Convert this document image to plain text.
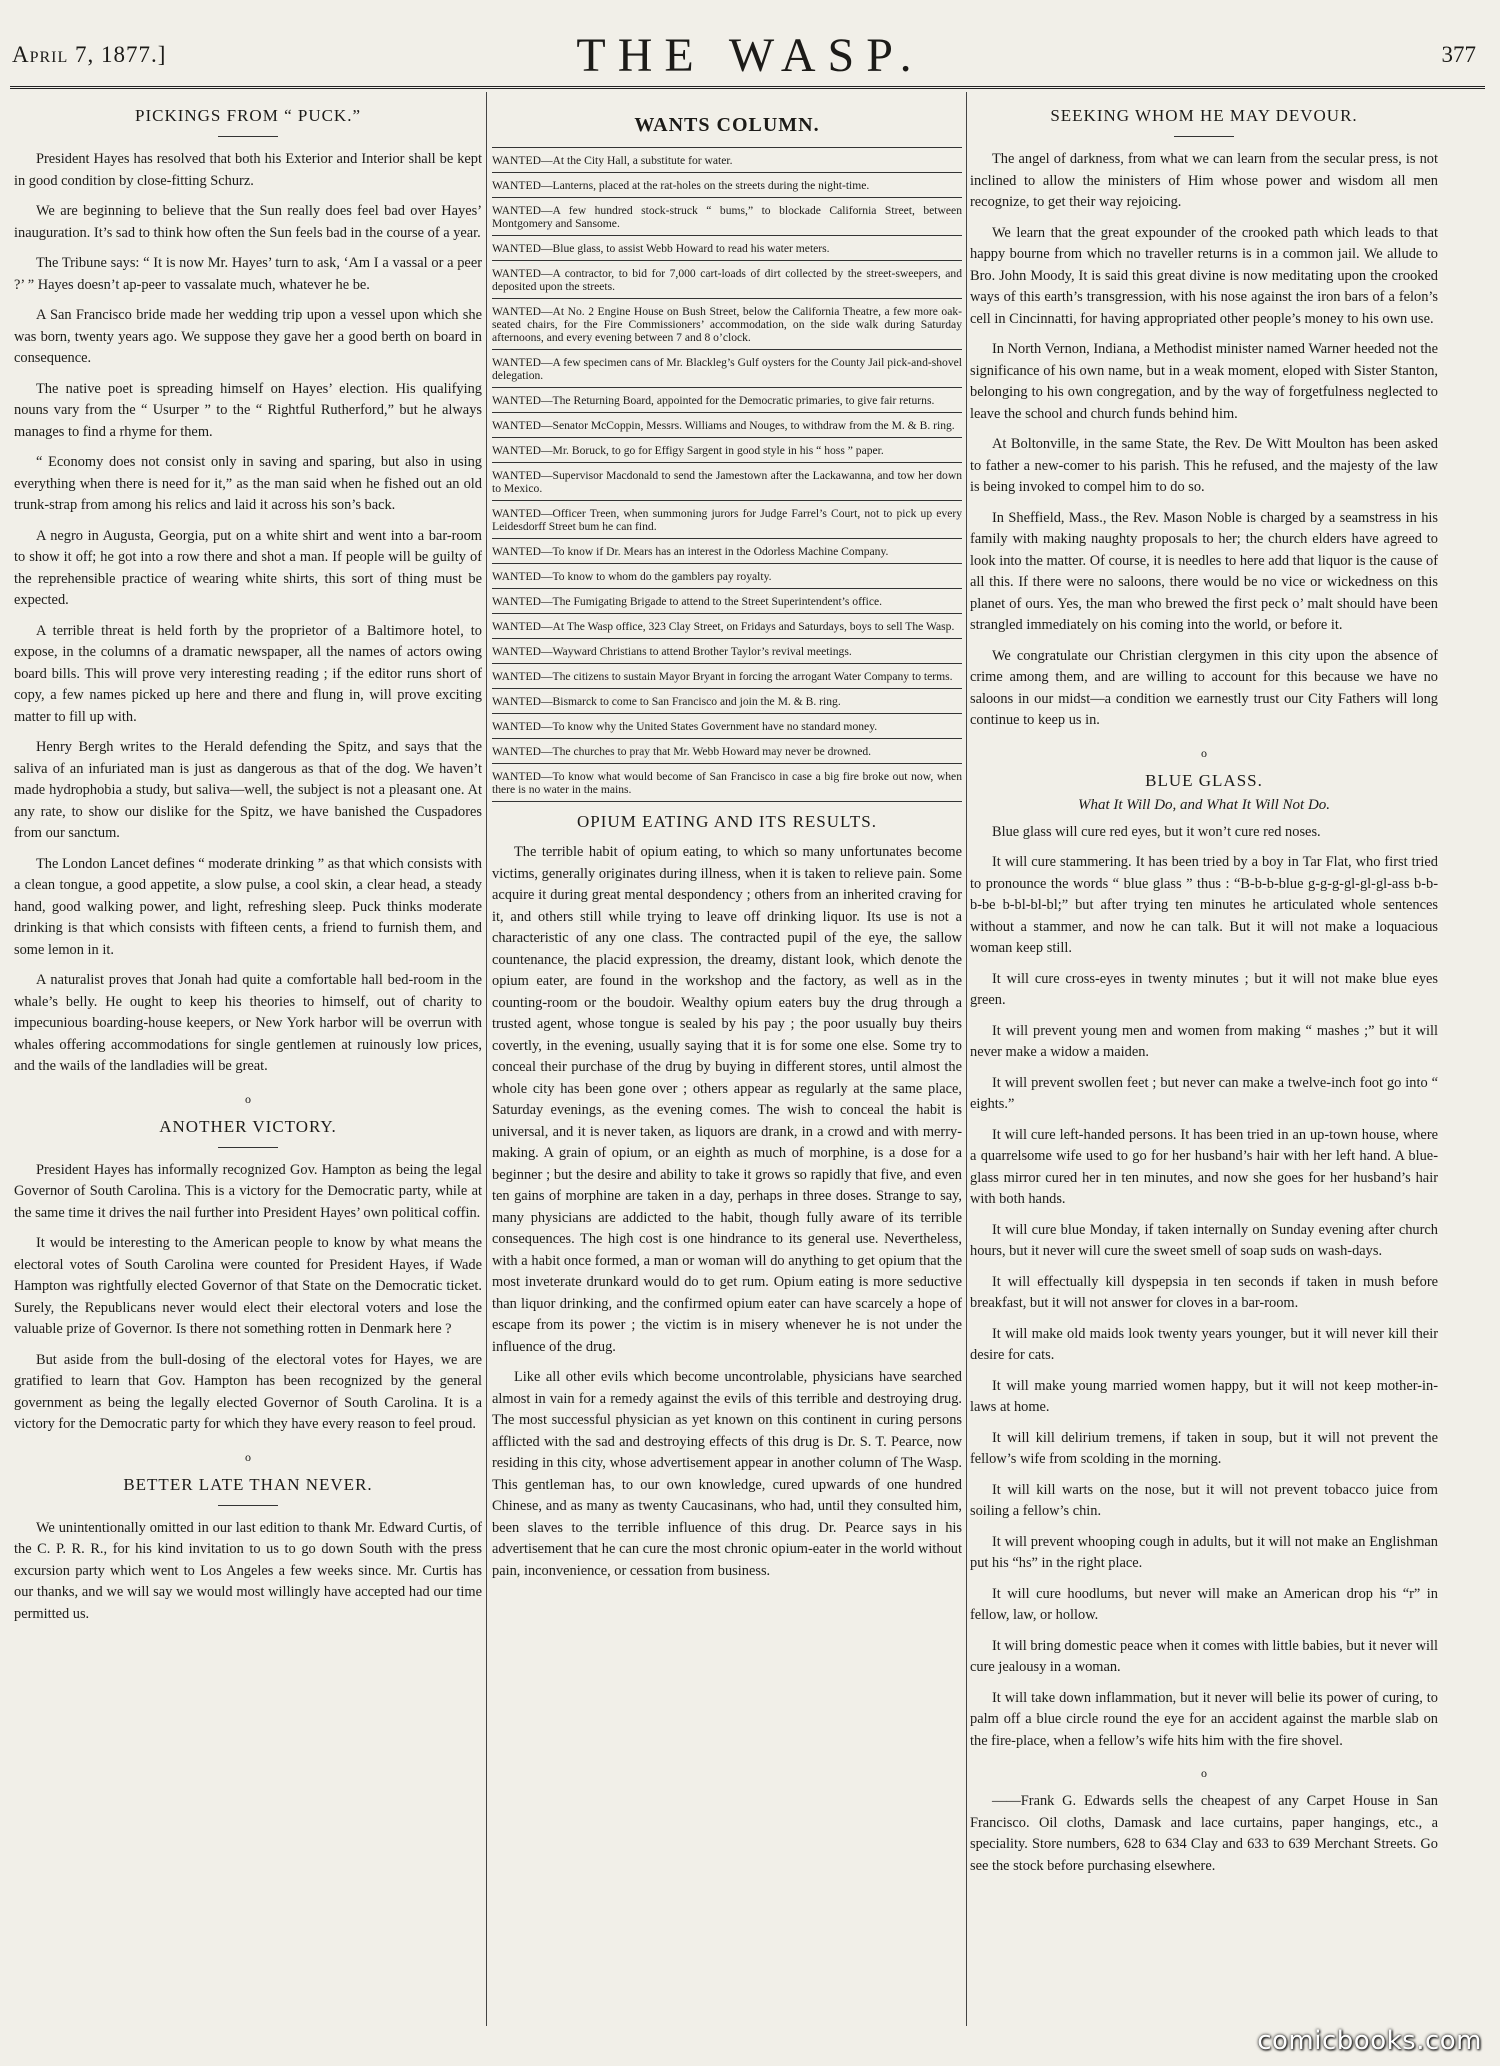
April 7, 1877.]	THE WASP.	377
PICKINGS FROM “ PUCK.”

President Hayes has resolved that both his Exterior and Interior shall be kept in good condition by close-fitting Schurz.

We are beginning to believe that the Sun really does feel bad over Hayes’ inauguration. It’s sad to think how often the Sun feels bad in the course of a year.

The Tribune says: “ It is now Mr. Hayes’ turn to ask, ‘Am I a vassal or a peer ?’ ” Hayes doesn’t ap-peer to vassalate much, whatever he be.

A San Francisco bride made her wedding trip upon a vessel upon which she was born, twenty years ago. We suppose they gave her a good berth on board in consequence.

The native poet is spreading himself on Hayes’ election. His qualifying nouns vary from the “ Usurper ” to the “ Rightful Rutherford,” but he always manages to find a rhyme for them.

“ Economy does not consist only in saving and sparing, but also in using everything when there is need for it,” as the man said when he fished out an old trunk-strap from among his relics and laid it across his son’s back.

A negro in Augusta, Georgia, put on a white shirt and went into a bar-room to show it off; he got into a row there and shot a man. If people will be guilty of the reprehensible practice of wearing white shirts, this sort of thing must be expected.

A terrible threat is held forth by the proprietor of a Baltimore hotel, to expose, in the columns of a dramatic newspaper, all the names of actors owing board bills. This will prove very interesting reading ; if the editor runs short of copy, a few names picked up here and there and flung in, will prove exciting matter to fill up with.

Henry Bergh writes to the Herald defending the Spitz, and says that the saliva of an infuriated man is just as dangerous as that of the dog. We haven’t made hydrophobia a study, but saliva—well, the subject is not a pleasant one. At any rate, to show our dislike for the Spitz, we have banished the Cuspadores from our sanctum.

The London Lancet defines “ moderate drinking ” as that which consists with a clean tongue, a good appetite, a slow pulse, a cool skin, a clear head, a steady hand, good walking power, and light, refreshing sleep. Puck thinks moderate drinking is that which consists with fifteen cents, a friend to furnish them, and some lemon in it.

A naturalist proves that Jonah had quite a comfortable hall bed-room in the whale’s belly. He ought to keep his theories to himself, out of charity to impecunious boarding-house keepers, or New York harbor will be overrun with whales offering accommodations for single gentlemen at ruinously low prices, and the wails of the landladies will be great.

o
ANOTHER VICTORY.

President Hayes has informally recognized Gov. Hampton as being the legal Governor of South Carolina. This is a victory for the Democratic party, while at the same time it drives the nail further into President Hayes’ own political coffin.

It would be interesting to the American people to know by what means the electoral votes of South Carolina were counted for President Hayes, if Wade Hampton was rightfully elected Governor of that State on the Democratic ticket. Surely, the Republicans never would elect their electoral voters and lose the valuable prize of Governor. Is there not something rotten in Denmark here ?

But aside from the bull-dosing of the electoral votes for Hayes, we are gratified to learn that Gov. Hampton has been recognized by the general government as being the legally elected Governor of South Carolina. It is a victory for the Democratic party for which they have every reason to feel proud.

o
BETTER LATE THAN NEVER.

We unintentionally omitted in our last edition to thank Mr. Edward Curtis, of the C. P. R. R., for his kind invitation to us to go down South with the press excursion party which went to Los Angeles a few weeks since. Mr. Curtis has our thanks, and we will say we would most willingly have accepted had our time permitted us.

WANTS COLUMN.
WANTED—At the City Hall, a substitute for water.
WANTED—Lanterns, placed at the rat-holes on the streets during the night-time.
WANTED—A few hundred stock-struck “ bums,” to blockade California Street, between Montgomery and Sansome.
WANTED—Blue glass, to assist Webb Howard to read his water meters.
WANTED—A contractor, to bid for 7,000 cart-loads of dirt collected by the street-sweepers, and deposited upon the streets.
WANTED—At No. 2 Engine House on Bush Street, below the California Theatre, a few more oak-seated chairs, for the Fire Commissioners’ accommodation, on the side walk during Saturday afternoons, and every evening between 7 and 8 o’clock.
WANTED—A few specimen cans of Mr. Blackleg’s Gulf oysters for the County Jail pick-and-shovel delegation.
WANTED—The Returning Board, appointed for the Democratic primaries, to give fair returns.
WANTED—Senator McCoppin, Messrs. Williams and Nouges, to withdraw from the M. & B. ring.
WANTED—Mr. Boruck, to go for Effigy Sargent in good style in his “ hoss ” paper.
WANTED—Supervisor Macdonald to send the Jamestown after the Lackawanna, and tow her down to Mexico.
WANTED—Officer Treen, when summoning jurors for Judge Farrel’s Court, not to pick up every Leidesdorff Street bum he can find.
WANTED—To know if Dr. Mears has an interest in the Odorless Machine Company.
WANTED—To know to whom do the gamblers pay royalty.
WANTED—The Fumigating Brigade to attend to the Street Superintendent’s office.
WANTED—At The Wasp office, 323 Clay Street, on Fridays and Saturdays, boys to sell The Wasp.
WANTED—Wayward Christians to attend Brother Taylor’s revival meetings.
WANTED—The citizens to sustain Mayor Bryant in forcing the arrogant Water Company to terms.
WANTED—Bismarck to come to San Francisco and join the M. & B. ring.
WANTED—To know why the United States Government have no standard money.
WANTED—The churches to pray that Mr. Webb Howard may never be drowned.
WANTED—To know what would become of San Francisco in case a big fire broke out now, when there is no water in the mains.
OPIUM EATING AND ITS RESULTS.

The terrible habit of opium eating, to which so many unfortunates become victims, generally originates during illness, when it is taken to relieve pain. Some acquire it during great mental despondency ; others from an inherited craving for it, and others still while trying to leave off drinking liquor. Its use is not a characteristic of any one class. The contracted pupil of the eye, the sallow countenance, the placid expression, the dreamy, distant look, which denote the opium eater, are found in the workshop and the factory, as well as in the counting-room or the boudoir. Wealthy opium eaters buy the drug through a trusted agent, whose tongue is sealed by his pay ; the poor usually buy theirs covertly, in the evening, usually saying that it is for some one else. Some try to conceal their purchase of the drug by buying in different stores, until almost the whole city has been gone over ; others appear as regularly at the same place, Saturday evenings, as the evening comes. The wish to conceal the habit is universal, and it is never taken, as liquors are drank, in a crowd and with merry-making. A grain of opium, or an eighth as much of morphine, is a dose for a beginner ; but the desire and ability to take it grows so rapidly that five, and even ten gains of morphine are taken in a day, perhaps in three doses. Strange to say, many physicians are addicted to the habit, though fully aware of its terrible consequences. The high cost is one hindrance to its general use. Nevertheless, with a habit once formed, a man or woman will do anything to get opium that the most inveterate drunkard would do to get rum. Opium eating is more seductive than liquor drinking, and the confirmed opium eater can have scarcely a hope of escape from its power ; the victim is in misery whenever he is not under the influence of the drug.

Like all other evils which become uncontrolable, physicians have searched almost in vain for a remedy against the evils of this terrible and destroying drug. The most successful physician as yet known on this continent in curing persons afflicted with the sad and destroying effects of this drug is Dr. S. T. Pearce, now residing in this city, whose advertisement appear in another column of The Wasp. This gentleman has, to our own knowledge, cured upwards of one hundred Chinese, and as many as twenty Caucasinans, who had, until they consulted him, been slaves to the terrible influence of this drug. Dr. Pearce says in his advertisement that he can cure the most chronic opium-eater in the world without pain, inconvenience, or cessation from business.

SEEKING WHOM HE MAY DEVOUR.

The angel of darkness, from what we can learn from the secular press, is not inclined to allow the ministers of Him whose power and wisdom all men recognize, to get their way rejoicing.

We learn that the great expounder of the crooked path which leads to that happy bourne from which no traveller returns is in a common jail. We allude to Bro. John Moody, It is said this great divine is now meditating upon the crooked ways of this earth’s transgression, with his nose against the iron bars of a felon’s cell in Cincinnatti, for having appropriated other people’s money to his own use.

In North Vernon, Indiana, a Methodist minister named Warner heeded not the significance of his own name, but in a weak moment, eloped with Sister Stanton, belonging to his own congregation, and by the way of forgetfulness neglected to leave the school and church funds behind him.

At Boltonville, in the same State, the Rev. De Witt Moulton has been asked to father a new-comer to his parish. This he refused, and the majesty of the law is being invoked to compel him to do so.

In Sheffield, Mass., the Rev. Mason Noble is charged by a seamstress in his family with making naughty proposals to her; the church elders have agreed to look into the matter. Of course, it is needles to here add that liquor is the cause of all this. If there were no saloons, there would be no vice or wickedness on this planet of ours. Yes, the man who brewed the first peck o’ malt should have been strangled immediately on his coming into the world, or before it.

We congratulate our Christian clergymen in this city upon the absence of crime among them, and are willing to account for this because we have no saloons in our midst—a condition we earnestly trust our City Fathers will long continue to keep us in.

o
BLUE GLASS.
What It Will Do, and What It Will Not Do.

Blue glass will cure red eyes, but it won’t cure red noses.

It will cure stammering. It has been tried by a boy in Tar Flat, who first tried to pronounce the words “ blue glass ” thus : “B-b-b-blue g-g-g-gl-gl-gl-ass b-b-b-be b-bl-bl-bl;” but after trying ten minutes he articulated whole sentences without a stammer, and now he can talk. But it will not make a loquacious woman keep still.

It will cure cross-eyes in twenty minutes ; but it will not make blue eyes green.

It will prevent young men and women from making “ mashes ;” but it will never make a widow a maiden.

It will prevent swollen feet ; but never can make a twelve-inch foot go into “ eights.”

It will cure left-handed persons. It has been tried in an up-town house, where a quarrelsome wife used to go for her husband’s hair with her left hand. A blue-glass mirror cured her in ten minutes, and now she goes for her husband’s hair with both hands.

It will cure blue Monday, if taken internally on Sunday evening after church hours, but it never will cure the sweet smell of soap suds on wash-days.

It will effectually kill dyspepsia in ten seconds if taken in mush before breakfast, but it will not answer for cloves in a bar-room.

It will make old maids look twenty years younger, but it will never kill their desire for cats.

It will make young married women happy, but it will not keep mother-in-laws at home.

It will kill delirium tremens, if taken in soup, but it will not prevent the fellow’s wife from scolding in the morning.

It will kill warts on the nose, but it will not prevent tobacco juice from soiling a fellow’s chin.

It will prevent whooping cough in adults, but it will not make an Englishman put his “hs” in the right place.

It will cure hoodlums, but never will make an American drop his “r” in fellow, law, or hollow.

It will bring domestic peace when it comes with little babies, but it never will cure jealousy in a woman.

It will take down inflammation, but it never will belie its power of curing, to palm off a blue circle round the eye for an accident against the marble slab on the fire-place, when a fellow’s wife hits him with the fire shovel.

o

——Frank G. Edwards sells the cheapest of any Carpet House in San Francisco. Oil cloths, Damask and lace curtains, paper hangings, etc., a speciality. Store numbers, 628 to 634 Clay and 633 to 639 Merchant Streets. Go see the stock before purchasing elsewhere.

comicbooks.com
